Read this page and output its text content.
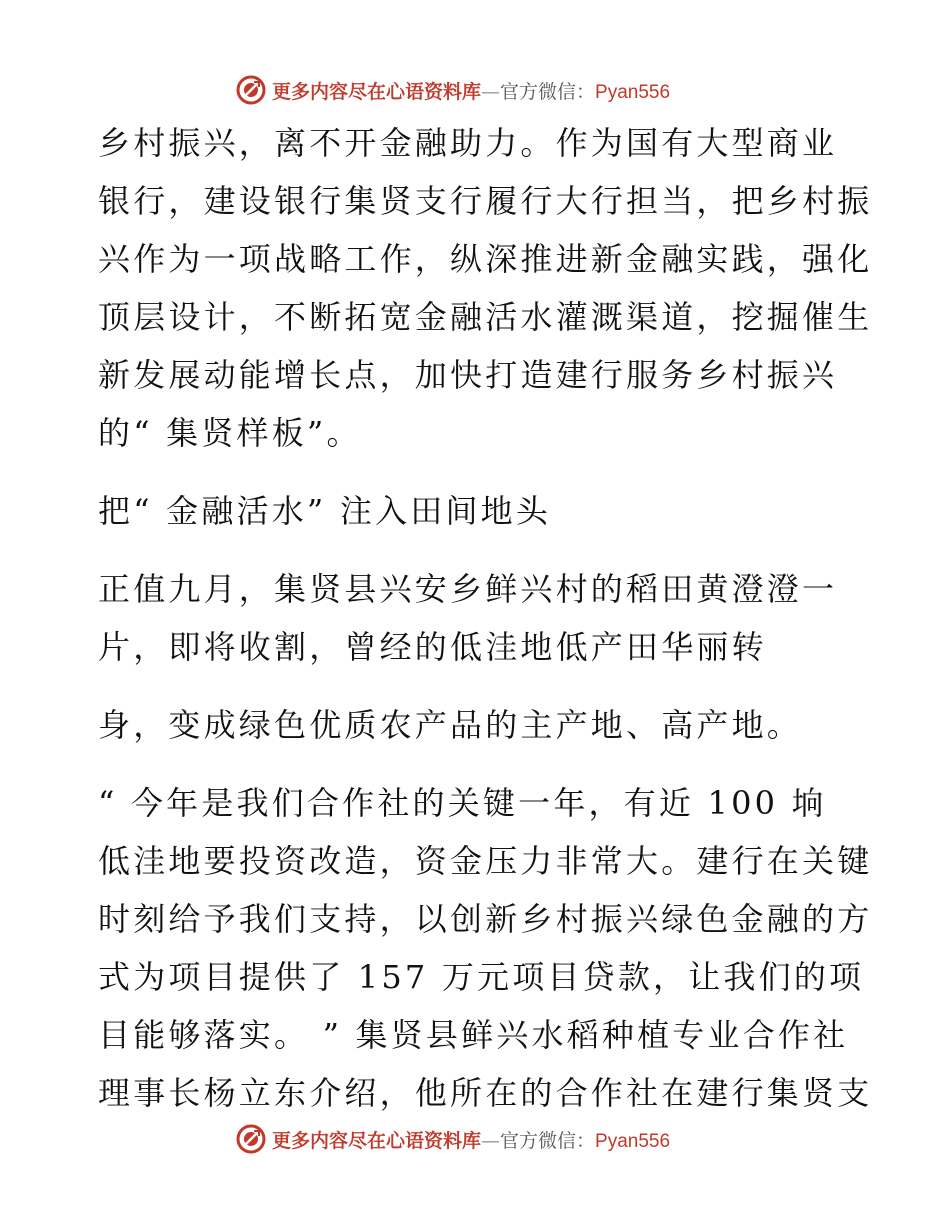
更多内容尽在心语资料库—官方微信：Pyan556
乡村振兴，离不开金融助力。作为国有大型商业
银行，建设银行集贤支行履行大行担当，把乡村振
兴作为一项战略工作，纵深推进新金融实践，强化
顶层设计，不断拓宽金融活水灌溉渠道，挖掘催生
新发展动能增长点，加快打造建行服务乡村振兴
的“ 集贤样板”。
把“ 金融活水” 注入田间地头
正值九月，集贤县兴安乡鲜兴村的稻田黄澄澄一
片，即将收割，曾经的低洼地低产田华丽转
身，变成绿色优质农产品的主产地、高产地。
“ 今年是我们合作社的关键一年，有近 100 垧
低洼地要投资改造，资金压力非常大。建行在关键
时刻给予我们支持，以创新乡村振兴绿色金融的方
式为项目提供了 157 万元项目贷款，让我们的项
目能够落实。 ” 集贤县鲜兴水稻种植专业合作社
理事长杨立东介绍，他所在的合作社在建行集贤支
更多内容尽在心语资料库—官方微信：Pyan556
